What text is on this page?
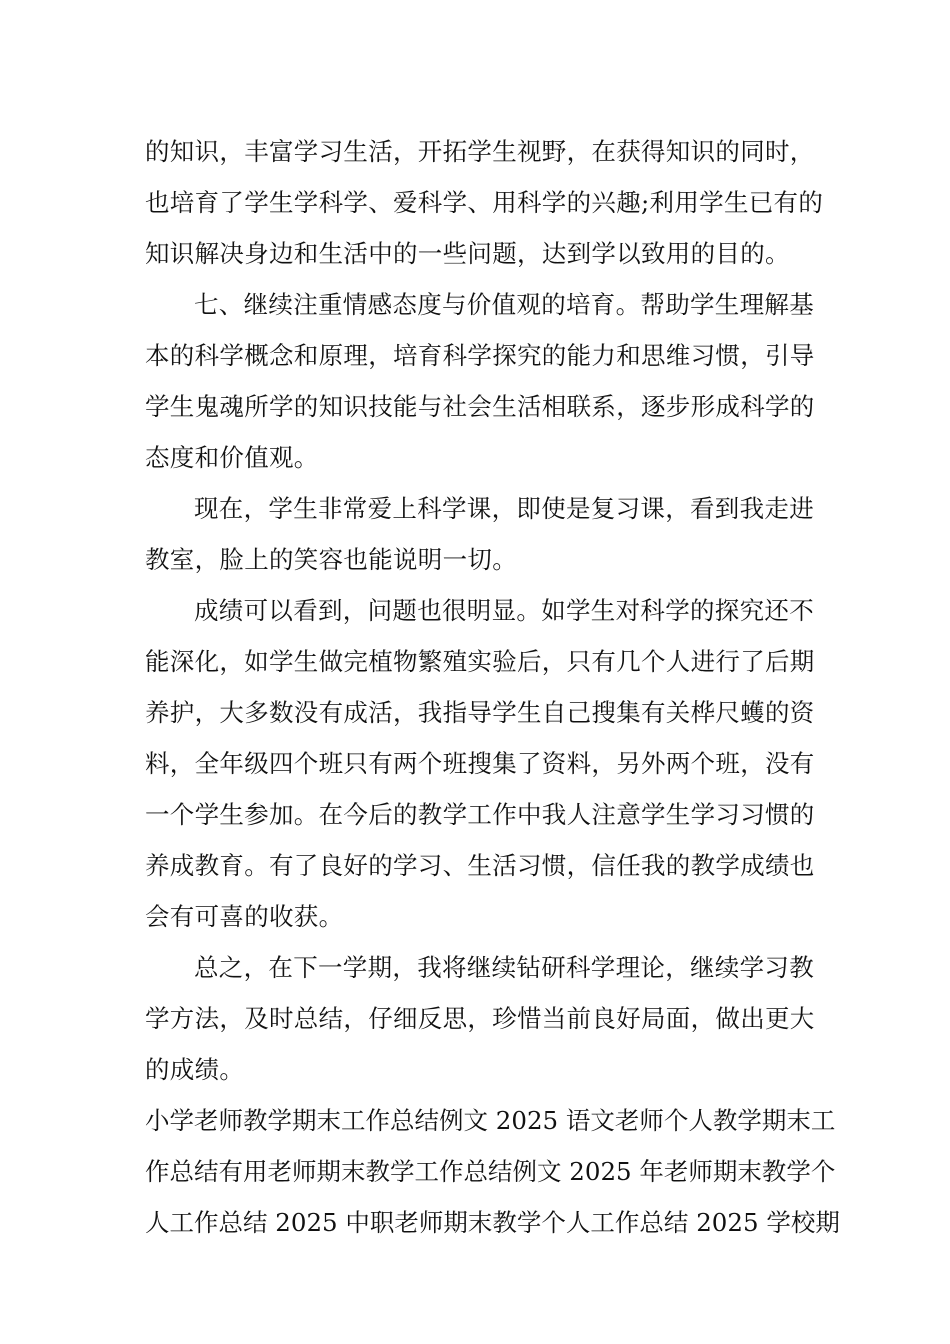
的知识，丰富学习生活，开拓学生视野，在获得知识的同时，
也培育了学生学科学、爱科学、用科学的兴趣;利用学生已有的
知识解决身边和生活中的一些问题，达到学以致用的目的。
七、继续注重情感态度与价值观的培育。帮助学生理解基
本的科学概念和原理，培育科学探究的能力和思维习惯，引导
学生鬼魂所学的知识技能与社会生活相联系，逐步形成科学的
态度和价值观。
现在，学生非常爱上科学课，即使是复习课，看到我走进
教室，脸上的笑容也能说明一切。
成绩可以看到，问题也很明显。如学生对科学的探究还不
能深化，如学生做完植物繁殖实验后，只有几个人进行了后期
养护，大多数没有成活，我指导学生自己搜集有关桦尺蠖的资
料，全年级四个班只有两个班搜集了资料，另外两个班，没有
一个学生参加。在今后的教学工作中我人注意学生学习习惯的
养成教育。有了良好的学习、生活习惯，信任我的教学成绩也
会有可喜的收获。
总之，在下一学期，我将继续钻研科学理论，继续学习教
学方法，及时总结，仔细反思，珍惜当前良好局面，做出更大
的成绩。
小学老师教学期末工作总结例文 2025 语文老师个人教学期末工
作总结有用老师期末教学工作总结例文 2025 年老师期末教学个
人工作总结 2025 中职老师期末教学个人工作总结 2025 学校期
